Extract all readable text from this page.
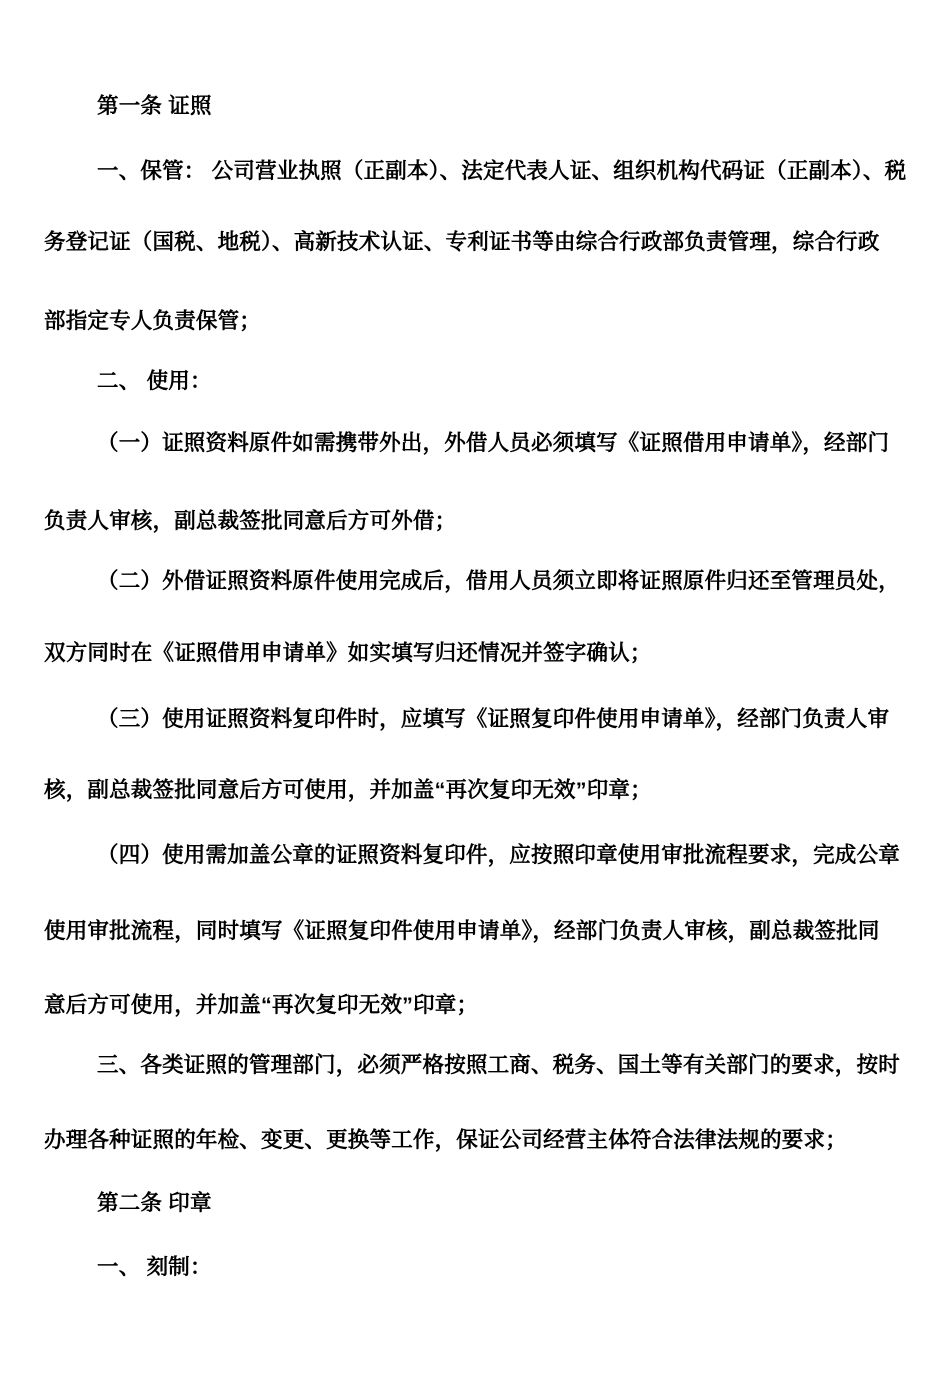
第一条 证照
一、保管： 公司营业执照（正副本）、法定代表人证、组织机构代码证（正副本）、税
务登记证（国税、地税）、高新技术认证、专利证书等由综合行政部负责管理，综合行政
部指定专人负责保管；
二、 使用：
（一）证照资料原件如需携带外出，外借人员必须填写《证照借用申请单》，经部门
负责人审核，副总裁签批同意后方可外借；
（二）外借证照资料原件使用完成后，借用人员须立即将证照原件归还至管理员处，
双方同时在《证照借用申请单》如实填写归还情况并签字确认；
（三）使用证照资料复印件时，应填写《证照复印件使用申请单》，经部门负责人审
核，副总裁签批同意后方可使用，并加盖“再次复印无效”印章；
（四）使用需加盖公章的证照资料复印件，应按照印章使用审批流程要求，完成公章
使用审批流程，同时填写《证照复印件使用申请单》，经部门负责人审核，副总裁签批同
意后方可使用，并加盖“再次复印无效”印章；
三、各类证照的管理部门，必须严格按照工商、税务、国土等有关部门的要求，按时
办理各种证照的年检、变更、更换等工作，保证公司经营主体符合法律法规的要求；
第二条 印章
一、 刻制：
